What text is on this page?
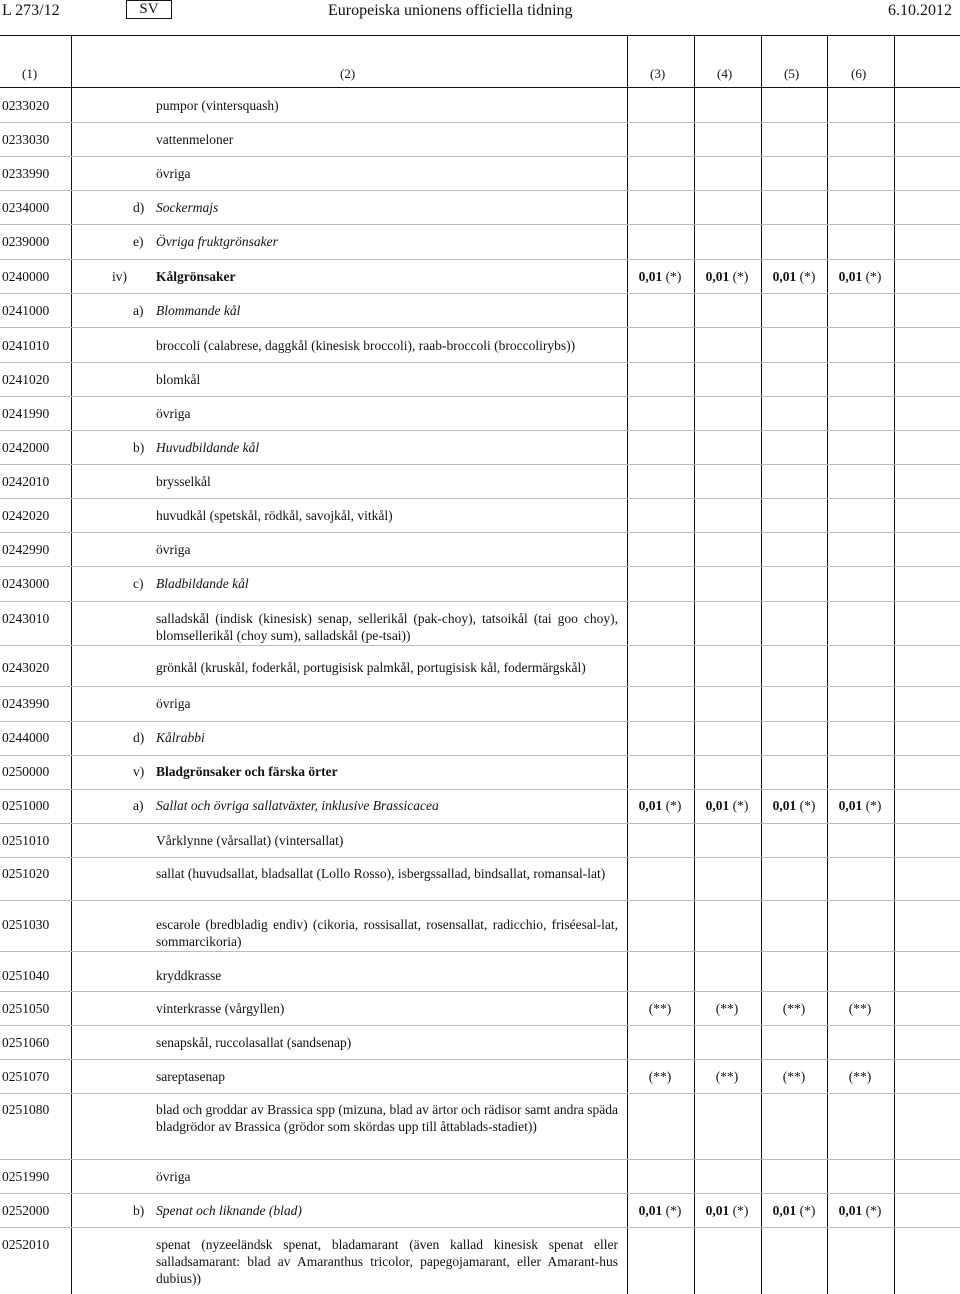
L 273/12	SV	Europeiska unionens officiella tidning	6.10.2012
(1)	(2)	(3)	(4)	(5)	(6)
0233020	pumpor (vintersquash)
0233030	vattenmeloner
0233990	övriga
0234000	d) Sockermajs
0239000	e) Övriga fruktgrönsaker
0240000	iv) Kålgrönsaker	0,01 (*)	0,01 (*)	0,01 (*)	0,01 (*)
0241000	a) Blommande kål
0241010	broccoli (calabrese, daggkål (kinesisk broccoli), raab-broccoli (broccolirybs))
0241020	blomkål
0241990	övriga
0242000	b) Huvudbildande kål
0242010	brysselkål
0242020	huvudkål (spetskål, rödkål, savojkål, vitkål)
0242990	övriga
0243000	c) Bladbildande kål
0243010	salladskål (indisk (kinesisk) senap, sellerikål (pak-choy), tatsoikål (tai goo choy), blomsellerikål (choy sum), salladskål (pe-tsai))
0243020	grönkål (kruskål, foderkål, portugisisk palmkål, portugisisk kål, fodermärgskål)
0243990	övriga
0244000	d) Kålrabbi
0250000	v) Bladgrönsaker och färska örter
0251000	a) Sallat och övriga sallatväxter, inklusive Brassicacea	0,01 (*)	0,01 (*)	0,01 (*)	0,01 (*)
0251010	Vårklynne (vårsallat) (vintersallat)
0251020	sallat (huvudsallat, bladsallat (Lollo Rosso), isbergssallad, bindsallat, romansal-lat)
0251030	escarole (bredbladig endiv) (cikoria, rossisallat, rosensallat, radicchio, friséesal-lat, sommarcikoria)
0251040	kryddkrasse
0251050	vinterkrasse (vårgyllen)	(**)	(**)	(**)	(**)
0251060	senapskål, ruccolasallat (sandsenap)
0251070	sareptasenap	(**)	(**)	(**)	(**)
0251080	blad och groddar av Brassica spp (mizuna, blad av ärtor och rädisor samt andra späda bladgrödor av Brassica (grödor som skördas upp till åttablads-stadiet))
0251990	övriga
0252000	b) Spenat och liknande (blad)	0,01 (*)	0,01 (*)	0,01 (*)	0,01 (*)
0252010	spenat (nyzeeländsk spenat, bladamarant (även kallad kinesisk spenat eller salladsamarant: blad av Amaranthus tricolor, papegojamarant, eller Amarant-hus dubius))
